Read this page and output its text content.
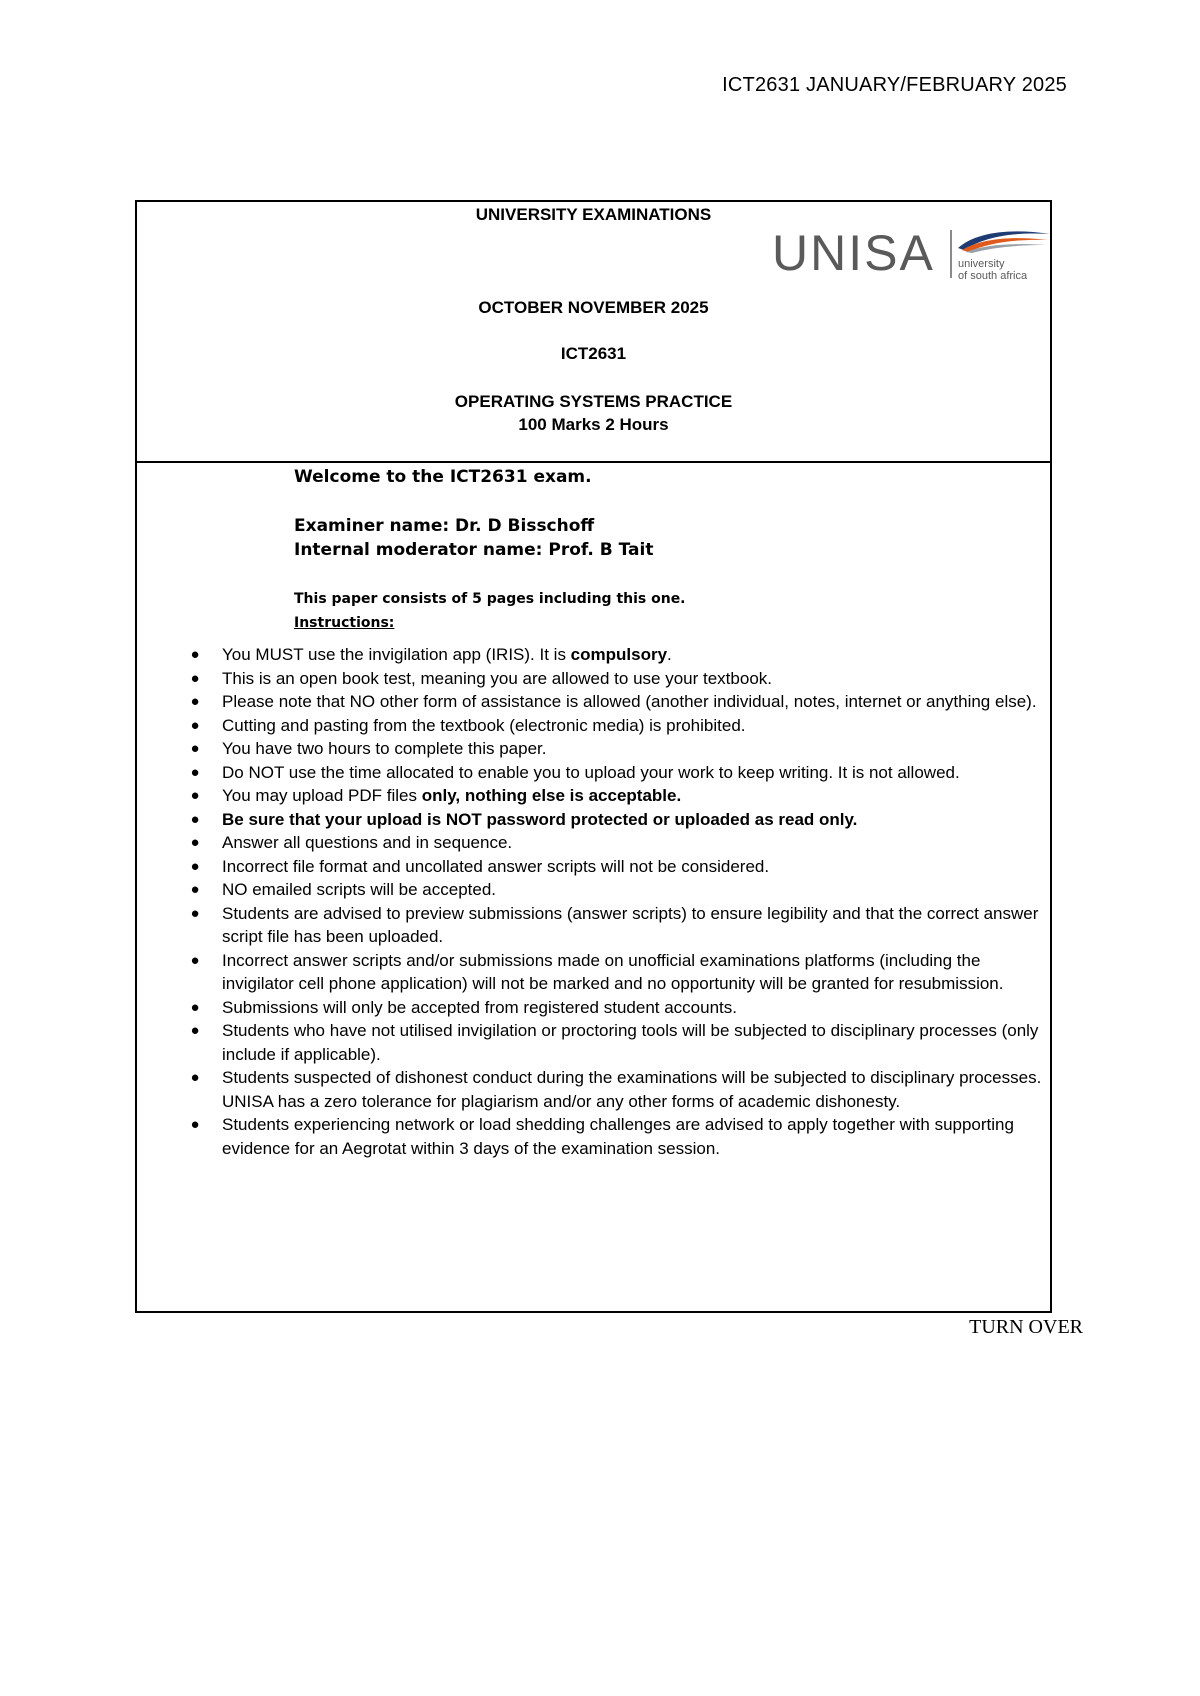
ICT2631 JANUARY/FEBRUARY 2025
UNIVERSITY EXAMINATIONS
UNISA university
of south africa
OCTOBER NOVEMBER 2025
ICT2631
OPERATING SYSTEMS PRACTICE
100 Marks 2 Hours
Welcome to the ICT2631 exam.
Examiner name: Dr. D Bisschoff
Internal moderator name: Prof. B Tait
This paper consists of 5 pages including this one.
Instructions:
●	You MUST use the invigilation app (IRIS). It is compulsory.
●	This is an open book test, meaning you are allowed to use your textbook.
●	Please note that NO other form of assistance is allowed (another individual, notes, internet or anything else).
●	Cutting and pasting from the textbook (electronic media) is prohibited.
●	You have two hours to complete this paper.
●	Do NOT use the time allocated to enable you to upload your work to keep writing. It is not allowed.
●	You may upload PDF files only, nothing else is acceptable.
●	Be sure that your upload is NOT password protected or uploaded as read only.
●	Answer all questions and in sequence.
●	Incorrect file format and uncollated answer scripts will not be considered.
●	NO emailed scripts will be accepted.
●	Students are advised to preview submissions (answer scripts) to ensure legibility and that the correct answer script file has been uploaded.
●	Incorrect answer scripts and/or submissions made on unofficial examinations platforms (including the invigilator cell phone application) will not be marked and no opportunity will be granted for resubmission.
●	Submissions will only be accepted from registered student accounts.
●	Students who have not utilised invigilation or proctoring tools will be subjected to disciplinary processes (only include if applicable).
●	Students suspected of dishonest conduct during the examinations will be subjected to disciplinary processes. UNISA has a zero tolerance for plagiarism and/or any other forms of academic dishonesty.
●	Students experiencing network or load shedding challenges are advised to apply together with supporting evidence for an Aegrotat within 3 days of the examination session.
TURN OVER
